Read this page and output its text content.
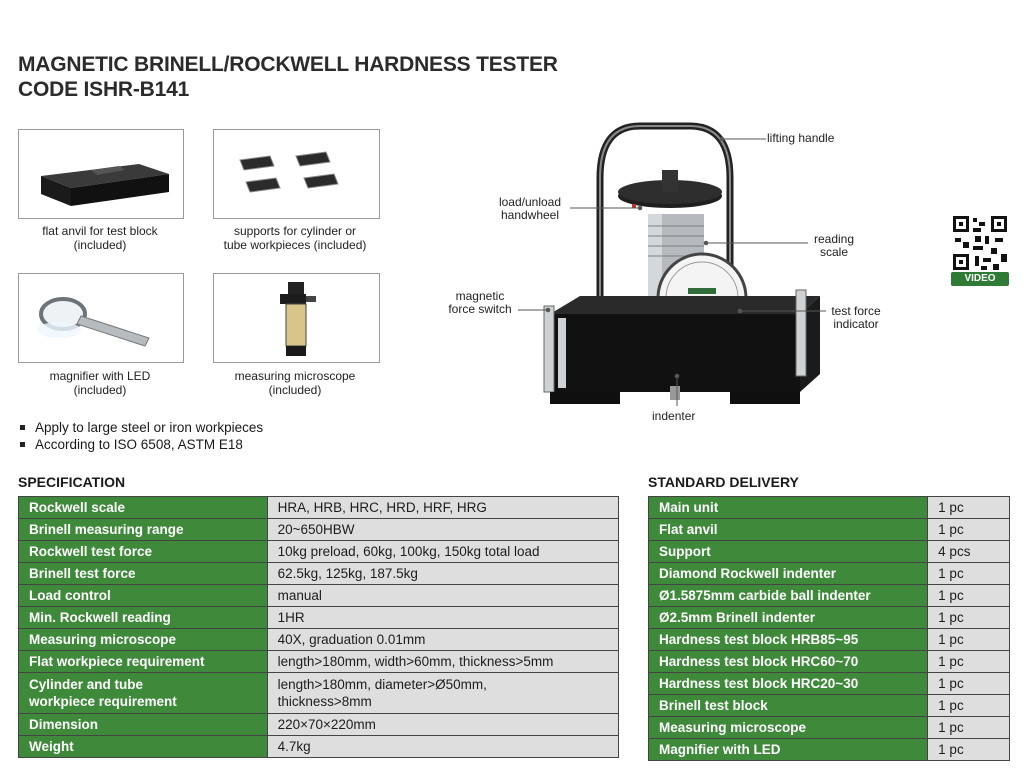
MAGNETIC BRINELL/ROCKWELL HARDNESS TESTER
CODE ISHR-B141
flat anvil for test block
(included)
supports for cylinder or
tube workpieces (included)
magnifier with LED
(included)
measuring microscope
(included)
lifting handle
load/unload
handwheel
reading
scale
magnetic
force switch	test force
indicator
indenter
VIDEO
Apply to large steel or iron workpieces
According to ISO 6508, ASTM E18
SPECIFICATION
Rockwell scale	HRA, HRB, HRC, HRD, HRF, HRG
Brinell measuring range	20~650HBW
Rockwell test force	10kg preload, 60kg, 100kg, 150kg total load
Brinell test force	62.5kg, 125kg, 187.5kg
Load control	manual
Min. Rockwell reading	1HR
Measuring microscope	40X, graduation 0.01mm
Flat workpiece requirement	length>180mm, width>60mm, thickness>5mm
Cylinder and tube
workpiece requirement	length>180mm, diameter>Ø50mm,
thickness>8mm
Dimension	220×70×220mm
Weight	4.7kg
STANDARD DELIVERY
Main unit	1 pc
Flat anvil	1 pc
Support	4 pcs
Diamond Rockwell indenter	1 pc
Ø1.5875mm carbide ball indenter	1 pc
Ø2.5mm Brinell indenter	1 pc
Hardness test block HRB85~95	1 pc
Hardness test block HRC60~70	1 pc
Hardness test block HRC20~30	1 pc
Brinell test block	1 pc
Measuring microscope	1 pc
Magnifier with LED	1 pc
